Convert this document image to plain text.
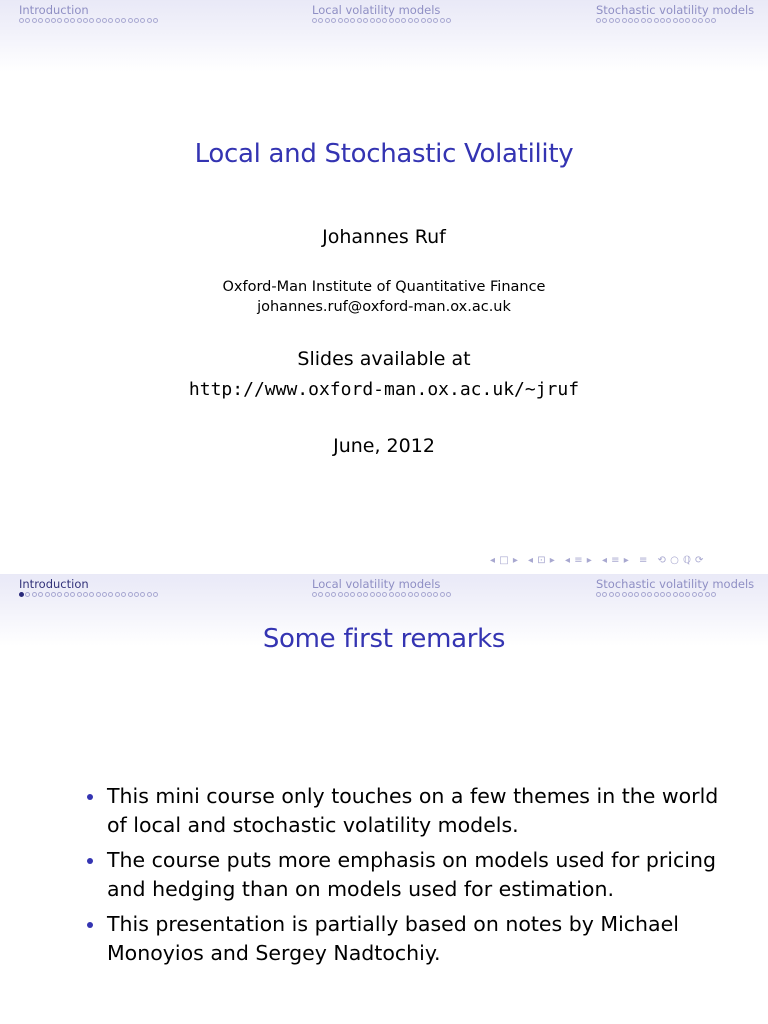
Introduction	Local volatility models	Stochastic volatility models
Local and Stochastic Volatility
Johannes Ruf
Oxford-Man Institute of Quantitative Finance
johannes.ruf@oxford-man.ox.ac.uk
Slides available at
http://www.oxford-man.ox.ac.uk/~jruf
June, 2012
◂ □ ▸ ◂ ⊡ ▸ ◂ ≡ ▸ ◂ ≡ ▸ ≡ ⟲ ○ ℚ ⟳
Introduction	Local volatility models	Stochastic volatility models
Some first remarks
This mini course only touches on a few themes in the world of local and stochastic volatility models.
The course puts more emphasis on models used for pricing and hedging than on models used for estimation.
This presentation is partially based on notes by Michael Monoyios and Sergey Nadtochiy.
